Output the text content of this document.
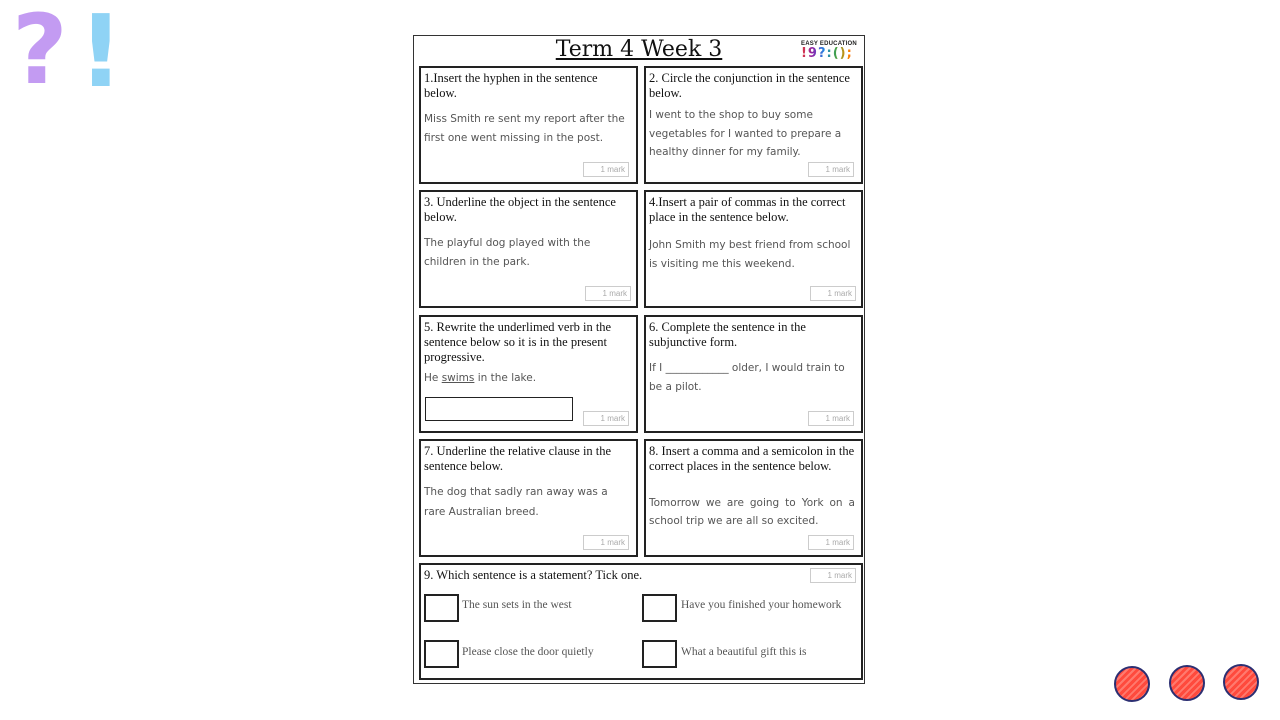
? !	Term 4 Week 3	EASY EDUCATION
!9?:();
1.Insert the hyphen in the sentence below.
Miss Smith re sent my report after the first one went missing in the post.
1 mark
2. Circle the conjunction in the sentence below.
I went to the shop to buy some vegetables for I wanted to prepare a healthy dinner for my family.
1 mark
3. Underline the object in the sentence below.
The playful dog played with the children in the park.
1 mark
4.Insert a pair of commas in the correct place in the sentence below.
John Smith my best friend from school is visiting me this weekend.
1 mark
5. Rewrite the underlimed verb in the sentence below so it is in the present progressive.
He swims in the lake.
1 mark
6. Complete the sentence in the subjunctive form.
If I ____________ older, I would train to be a pilot.
1 mark
7. Underline the relative clause in the sentence below.
The dog that sadly ran away was a rare Australian breed.
1 mark
8. Insert a comma and a semicolon in the correct places in the sentence below.
Tomorrow we are going to York on a school trip we are all so excited.
1 mark
9. Which sentence is a statement? Tick one.	1 mark
The sun sets in the west	Have you finished your homework
Please close the door quietly	What a beautiful gift this is
